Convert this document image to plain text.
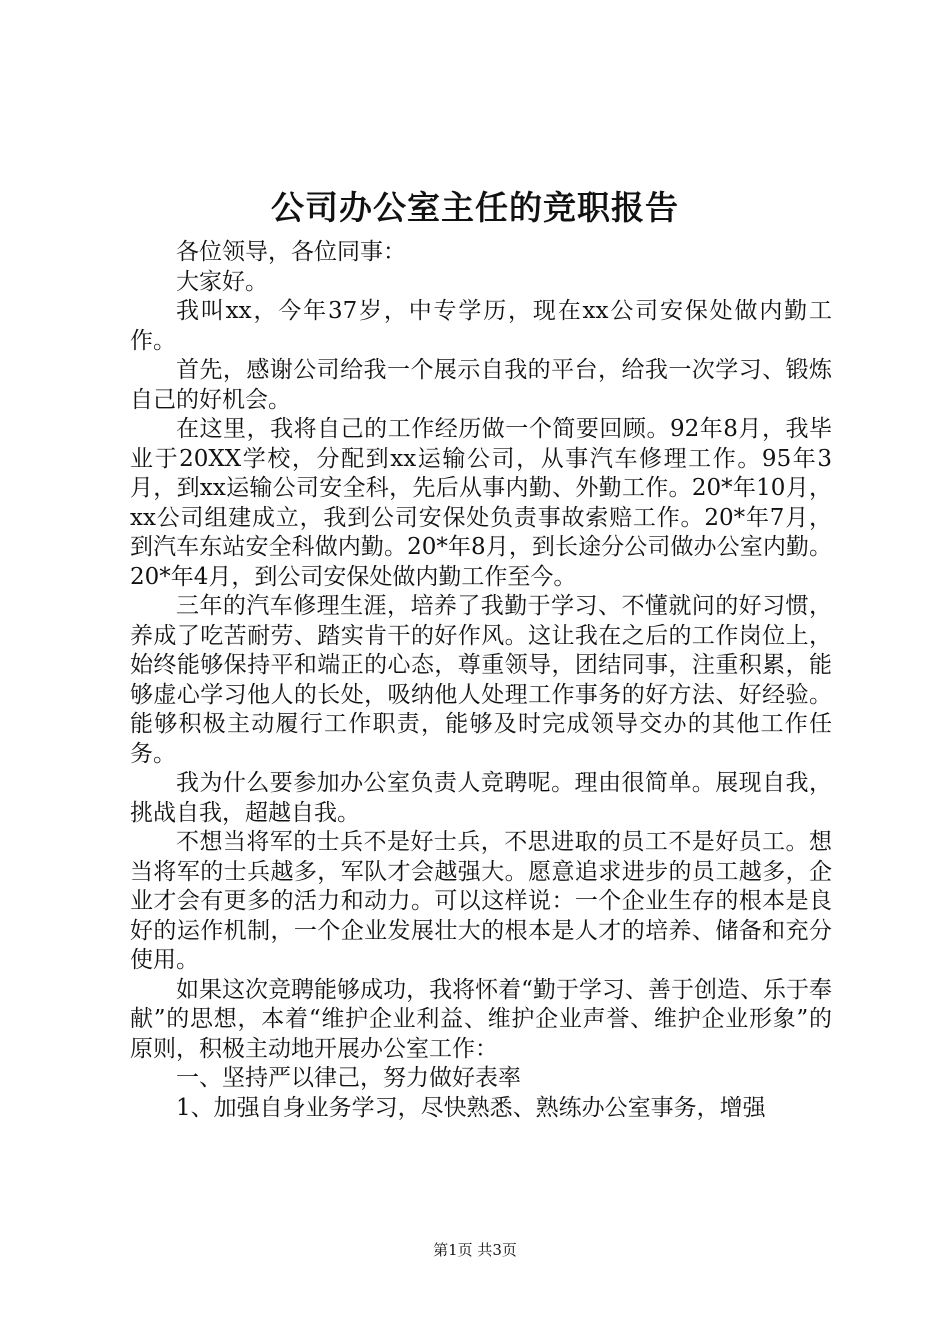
公司办公室主任的竞职报告

各位领导，各位同事：

大家好。

我叫xx，今年37岁，中专学历，现在xx公司安保处做内勤工作。

首先，感谢公司给我一个展示自我的平台，给我一次学习、锻炼自己的好机会。

在这里，我将自己的工作经历做一个简要回顾。92年8月，我毕业于20XX学校，分配到xx运输公司，从事汽车修理工作。95年3月，到xx运输公司安全科，先后从事内勤、外勤工作。20*年10月，xx公司组建成立，我到公司安保处负责事故索赔工作。20*年7月，到汽车东站安全科做内勤。20*年8月，到长途分公司做办公室内勤。20*年4月，到公司安保处做内勤工作至今。

三年的汽车修理生涯，培养了我勤于学习、不懂就问的好习惯，养成了吃苦耐劳、踏实肯干的好作风。这让我在之后的工作岗位上，始终能够保持平和端正的心态，尊重领导，团结同事，注重积累，能够虚心学习他人的长处，吸纳他人处理工作事务的好方法、好经验。能够积极主动履行工作职责，能够及时完成领导交办的其他工作任务。

我为什么要参加办公室负责人竞聘呢。理由很简单。展现自我，挑战自我，超越自我。

不想当将军的士兵不是好士兵，不思进取的员工不是好员工。想当将军的士兵越多，军队才会越强大。愿意追求进步的员工越多，企业才会有更多的活力和动力。可以这样说：一个企业生存的根本是良好的运作机制，一个企业发展壮大的根本是人才的培养、储备和充分使用。

如果这次竞聘能够成功，我将怀着“勤于学习、善于创造、乐于奉献”的思想，本着“维护企业利益、维护企业声誉、维护企业形象”的原则，积极主动地开展办公室工作：

一、坚持严以律己，努力做好表率

1、加强自身业务学习，尽快熟悉、熟练办公室事务，增强

第1页 共3页
